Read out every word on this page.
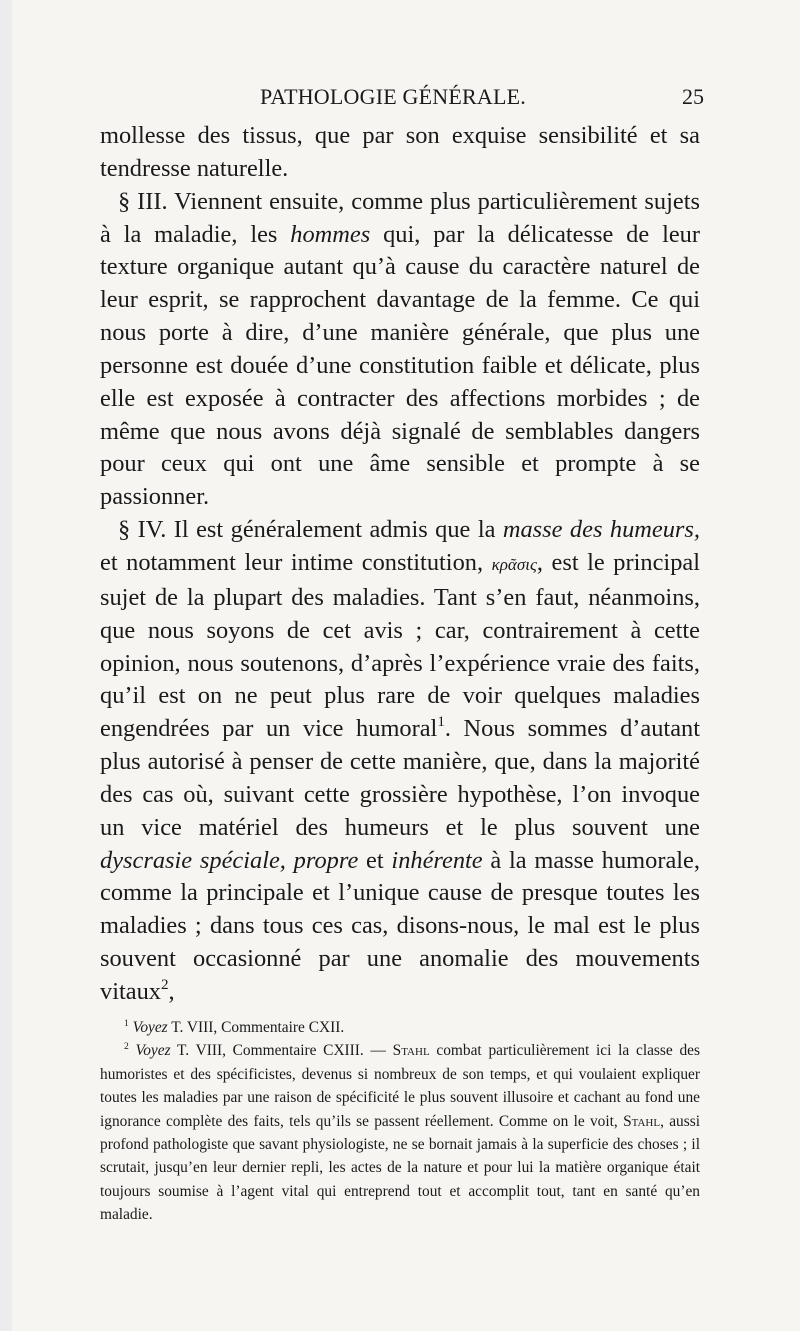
PATHOLOGIE GÉNÉRALE.	25

mollesse des tissus, que par son exquise sensibilité et sa tendresse naturelle.

§ III. Viennent ensuite, comme plus particulièrement sujets à la maladie, les hommes qui, par la délicatesse de leur texture organique autant qu’à cause du caractère naturel de leur esprit, se rapprochent davantage de la femme. Ce qui nous porte à dire, d’une manière générale, que plus une personne est douée d’une constitution faible et délicate, plus elle est exposée à contracter des affections morbides ; de même que nous avons déjà signalé de semblables dangers pour ceux qui ont une âme sensible et prompte à se passionner.

§ IV. Il est généralement admis que la masse des humeurs, et notamment leur intime constitution, κρᾶσις, est le principal sujet de la plupart des maladies. Tant s’en faut, néanmoins, que nous soyons de cet avis ; car, contrairement à cette opinion, nous soutenons, d’après l’expérience vraie des faits, qu’il est on ne peut plus rare de voir quelques maladies engendrées par un vice humoral$^1$. Nous sommes d’autant plus autorisé à penser de cette manière, que, dans la majorité des cas où, suivant cette grossière hypothèse, l’on invoque un vice matériel des humeurs et le plus souvent une dyscrasie spéciale, propre et inhérente à la masse humorale, comme la principale et l’unique cause de presque toutes les maladies ; dans tous ces cas, disons-nous, le mal est le plus souvent occasionné par une anomalie des mouvements vitaux$^2$,

$^1$ Voyez T. VIII, Commentaire CXII.

$^2$ Voyez T. VIII, Commentaire CXIII. — Stahl combat particulièrement ici la classe des humoristes et des spécificistes, devenus si nombreux de son temps, et qui voulaient expliquer toutes les maladies par une raison de spécificité le plus souvent illusoire et cachant au fond une ignorance complète des faits, tels qu’ils se passent réellement. Comme on le voit, Stahl, aussi profond pathologiste que savant physiologiste, ne se bornait jamais à la superficie des choses ; il scrutait, jusqu’en leur dernier repli, les actes de la nature et pour lui la matière organique était toujours soumise à l’agent vital qui entreprend tout et accomplit tout, tant en santé qu’en maladie.
